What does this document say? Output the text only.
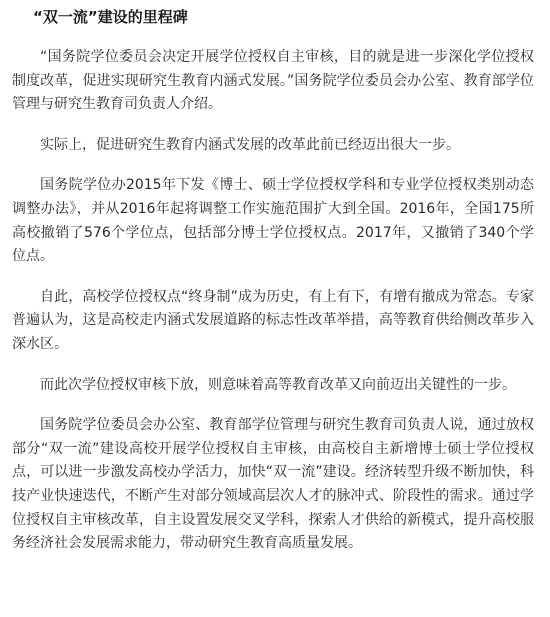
“双一流”建设的里程碑

“国务院学位委员会决定开展学位授权自主审核，目的就是进一步深化学位授权制度改革，促进实现研究生教育内涵式发展。”国务院学位委员会办公室、教育部学位管理与研究生教育司负责人介绍。

实际上，促进研究生教育内涵式发展的改革此前已经迈出很大一步。

国务院学位办2015年下发《博士、硕士学位授权学科和专业学位授权类别动态调整办法》，并从2016年起将调整工作实施范围扩大到全国。2016年，全国175所高校撤销了576个学位点，包括部分博士学位授权点。2017年，又撤销了340个学位点。

自此，高校学位授权点“终身制”成为历史，有上有下，有增有撤成为常态。专家普遍认为，这是高校走内涵式发展道路的标志性改革举措，高等教育供给侧改革步入深水区。

而此次学位授权审核下放，则意味着高等教育改革又向前迈出关键性的一步。

国务院学位委员会办公室、教育部学位管理与研究生教育司负责人说，通过放权部分“双一流”建设高校开展学位授权自主审核，由高校自主新增博士硕士学位授权点，可以进一步激发高校办学活力，加快“双一流”建设。经济转型升级不断加快，科技产业快速迭代，不断产生对部分领域高层次人才的脉冲式、阶段性的需求。通过学位授权自主审核改革，自主设置发展交叉学科，探索人才供给的新模式，提升高校服务经济社会发展需求能力，带动研究生教育高质量发展。
